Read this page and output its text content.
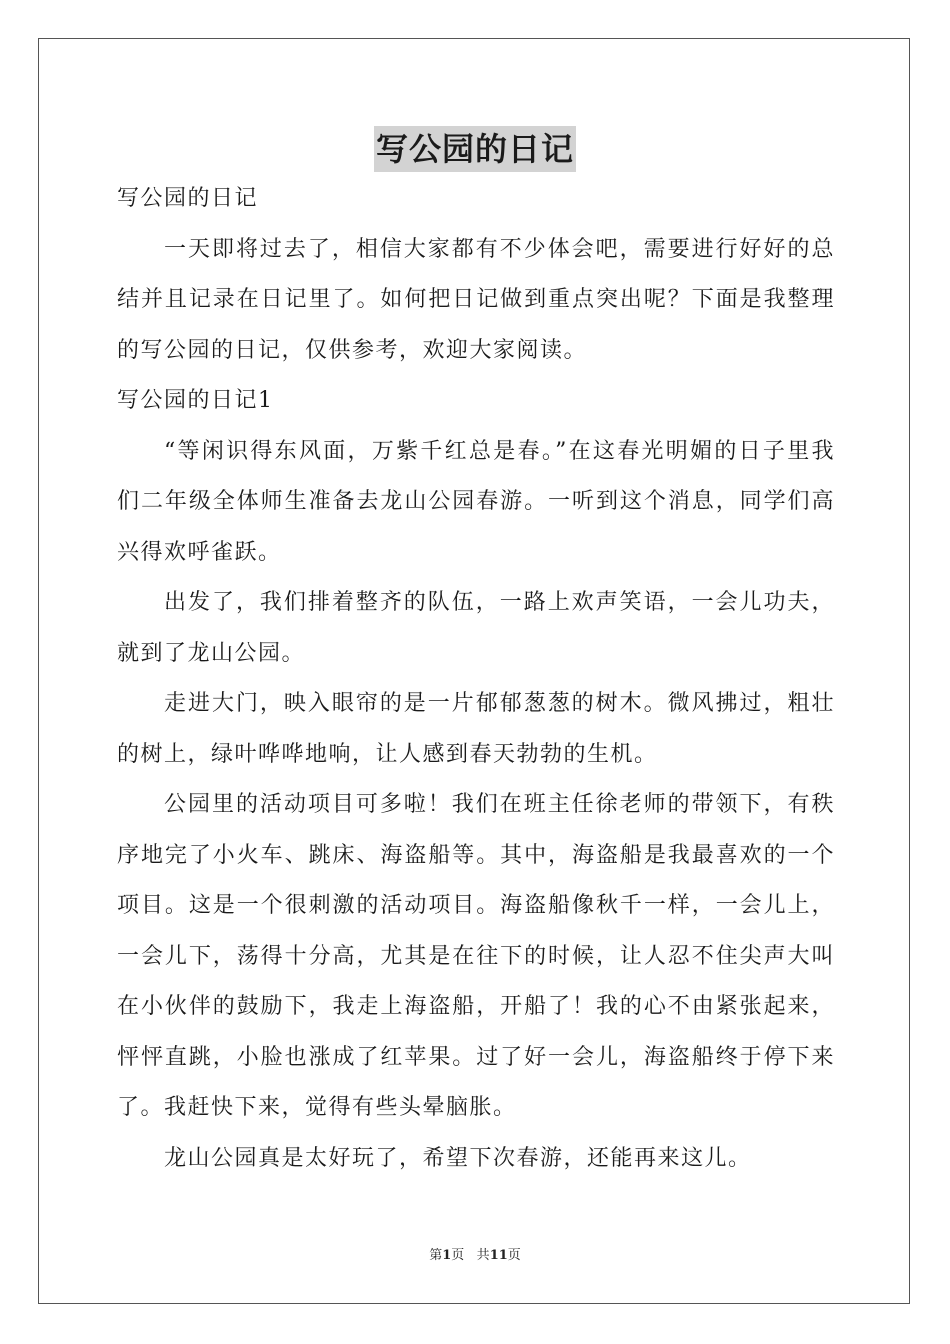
写公园的日记

写公园的日记

一天即将过去了，相信大家都有不少体会吧，需要进行好好的总结并且记录在日记里了。如何把日记做到重点突出呢？下面是我整理的写公园的日记，仅供参考，欢迎大家阅读。

写公园的日记1

“等闲识得东风面，万紫千红总是春。”在这春光明媚的日子里我们二年级全体师生准备去龙山公园春游。一听到这个消息，同学们高兴得欢呼雀跃。

出发了，我们排着整齐的队伍，一路上欢声笑语，一会儿功夫，就到了龙山公园。

走进大门，映入眼帘的是一片郁郁葱葱的树木。微风拂过，粗壮的树上，绿叶哗哗地响，让人感到春天勃勃的生机。

公园里的活动项目可多啦！我们在班主任徐老师的带领下，有秩序地完了小火车、跳床、海盗船等。其中，海盗船是我最喜欢的一个项目。这是一个很刺激的活动项目。海盗船像秋千一样，一会儿上，一会儿下，荡得十分高，尤其是在往下的时候，让人忍不住尖声大叫在小伙伴的鼓励下，我走上海盗船，开船了！我的心不由紧张起来，怦怦直跳，小脸也涨成了红苹果。过了好一会儿，海盗船终于停下来了。我赶快下来，觉得有些头晕脑胀。

龙山公园真是太好玩了，希望下次春游，还能再来这儿。

第1页 共11页
